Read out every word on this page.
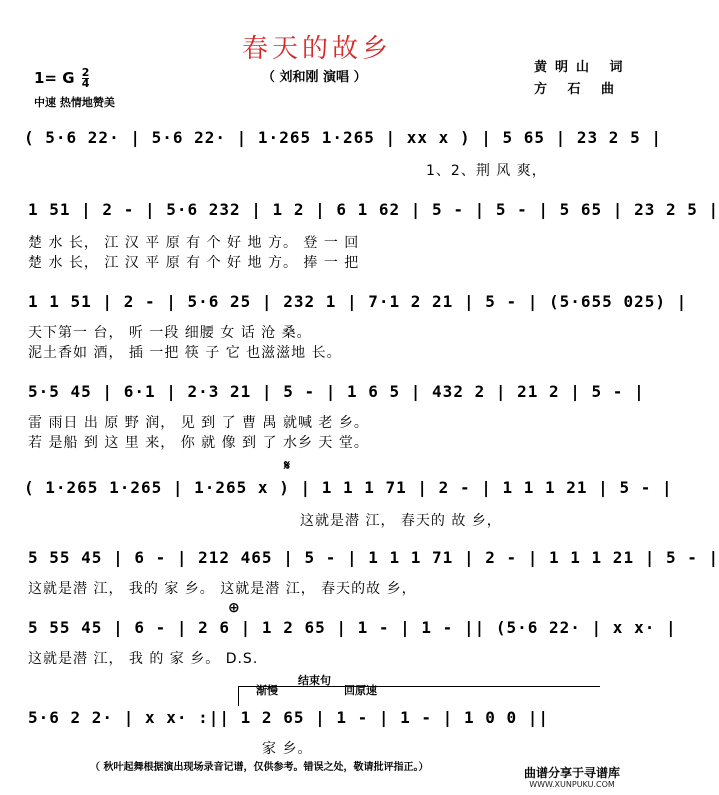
春天的故乡
（ 刘和刚 演唱 ）
黄明山 词
方 石 曲
1= G $\frac{2}{4}$
中速 热情地赞美
( 5·6 22· | 5·6 22· | 1·265 1·265 | xx x ) | 5 65 | 23 2 5 |
1、2、荆 风 爽，
1 51 | 2 - | 5·6 232 | 1 2 | 6 1 62 | 5 - | 5 - | 5 65 | 23 2 5 |
楚 水 长， 江 汉 平 原 有 个 好 地 方。 登 一 回
楚 水 长， 江 汉 平 原 有 个 好 地 方。 捧 一 把
1 1 51 | 2 - | 5·6 25 | 232 1 | 7·1 2 21 | 5 - | (5·655 025) |
天下第一 台， 听 一段 细腰 女 话 沧 桑。
泥土香如 酒， 插 一把 筷 子 它 也滋滋地 长。
5·5 45 | 6·1 | 2·3 21 | 5 - | 1 6 5 | 432 2 | 21 2 | 5 - |
雷 雨日 出 原 野 润， 见 到 了 曹 禺 就喊 老 乡。
若 是船 到 这 里 来， 你 就 像 到 了 水乡 天 堂。
𝄋
( 1·265 1·265 | 1·265 x ) | 1 1 1 71 | 2 - | 1 1 1 21 | 5 - |
这就是潜 江， 春天的 故 乡，
5 55 45 | 6 - | 212 465 | 5 - | 1 1 1 71 | 2 - | 1 1 1 21 | 5 - |
这就是潜 江， 我的 家 乡。 这就是潜 江， 春天的故 乡，
⊕
5 55 45 | 6 - | 2 6 | 1 2 65 | 1 - | 1 - || (5·6 22· | x x· |
这就是潜 江， 我 的 家 乡。 D.S.
渐慢
结束句
回原速
5·6 2 2· | x x· :|| 1 2 65 | 1 - | 1 - | 1 0 0 ||
家 乡。
（ 秋叶起舞根据演出现场录音记谱，仅供参考。错误之处，敬请批评指正。）	曲谱分享于寻谱库
WWW.XUNPUKU.COM
